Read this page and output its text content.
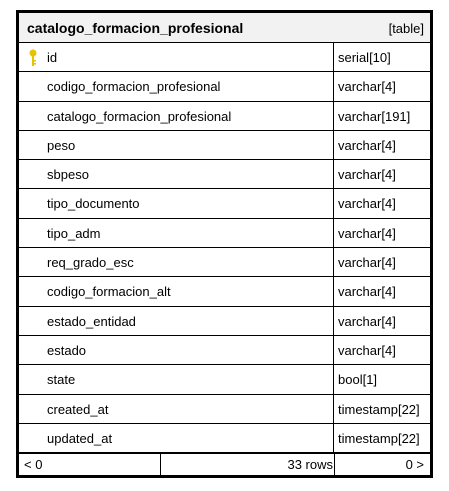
catalogo_formacion_profesional	[table]
id	serial[10]
codigo_formacion_profesional	varchar[4]
catalogo_formacion_profesional	varchar[191]
peso	varchar[4]
sbpeso	varchar[4]
tipo_documento	varchar[4]
tipo_adm	varchar[4]
req_grado_esc	varchar[4]
codigo_formacion_alt	varchar[4]
estado_entidad	varchar[4]
estado	varchar[4]
state	bool[1]
created_at	timestamp[22]
updated_at	timestamp[22]
< 0	33 rows	0 >
